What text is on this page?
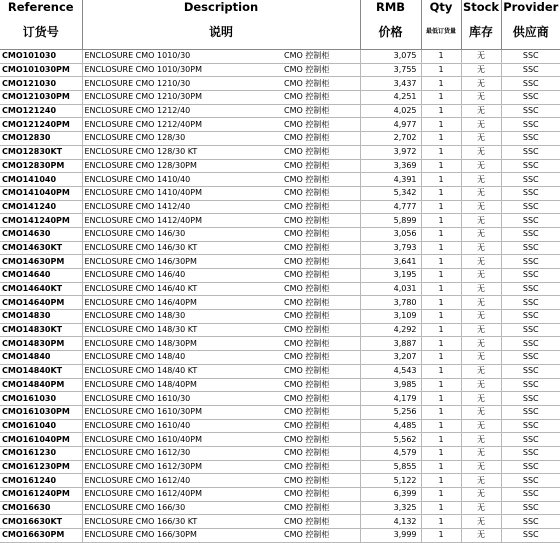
Reference	Description		RMB	Qty	Stock	Provider
订货号	说明		价格	最低订货量	库存	供应商
CMO101030	ENCLOSURE CMO 1010/30	CMO 控制柜	3,075	1	无	SSC
CMO101030PM	ENCLOSURE CMO 1010/30PM	CMO 控制柜	3,755	1	无	SSC
CMO121030	ENCLOSURE CMO 1210/30	CMO 控制柜	3,437	1	无	SSC
CMO121030PM	ENCLOSURE CMO 1210/30PM	CMO 控制柜	4,251	1	无	SSC
CMO121240	ENCLOSURE CMO 1212/40	CMO 控制柜	4,025	1	无	SSC
CMO121240PM	ENCLOSURE CMO 1212/40PM	CMO 控制柜	4,977	1	无	SSC
CMO12830	ENCLOSURE CMO 128/30	CMO 控制柜	2,702	1	无	SSC
CMO12830KT	ENCLOSURE CMO 128/30 KT	CMO 控制柜	3,972	1	无	SSC
CMO12830PM	ENCLOSURE CMO 128/30PM	CMO 控制柜	3,369	1	无	SSC
CMO141040	ENCLOSURE CMO 1410/40	CMO 控制柜	4,391	1	无	SSC
CMO141040PM	ENCLOSURE CMO 1410/40PM	CMO 控制柜	5,342	1	无	SSC
CMO141240	ENCLOSURE CMO 1412/40	CMO 控制柜	4,777	1	无	SSC
CMO141240PM	ENCLOSURE CMO 1412/40PM	CMO 控制柜	5,899	1	无	SSC
CMO14630	ENCLOSURE CMO 146/30	CMO 控制柜	3,056	1	无	SSC
CMO14630KT	ENCLOSURE CMO 146/30 KT	CMO 控制柜	3,793	1	无	SSC
CMO14630PM	ENCLOSURE CMO 146/30PM	CMO 控制柜	3,641	1	无	SSC
CMO14640	ENCLOSURE CMO 146/40	CMO 控制柜	3,195	1	无	SSC
CMO14640KT	ENCLOSURE CMO 146/40 KT	CMO 控制柜	4,031	1	无	SSC
CMO14640PM	ENCLOSURE CMO 146/40PM	CMO 控制柜	3,780	1	无	SSC
CMO14830	ENCLOSURE CMO 148/30	CMO 控制柜	3,109	1	无	SSC
CMO14830KT	ENCLOSURE CMO 148/30 KT	CMO 控制柜	4,292	1	无	SSC
CMO14830PM	ENCLOSURE CMO 148/30PM	CMO 控制柜	3,887	1	无	SSC
CMO14840	ENCLOSURE CMO 148/40	CMO 控制柜	3,207	1	无	SSC
CMO14840KT	ENCLOSURE CMO 148/40 KT	CMO 控制柜	4,543	1	无	SSC
CMO14840PM	ENCLOSURE CMO 148/40PM	CMO 控制柜	3,985	1	无	SSC
CMO161030	ENCLOSURE CMO 1610/30	CMO 控制柜	4,179	1	无	SSC
CMO161030PM	ENCLOSURE CMO 1610/30PM	CMO 控制柜	5,256	1	无	SSC
CMO161040	ENCLOSURE CMO 1610/40	CMO 控制柜	4,485	1	无	SSC
CMO161040PM	ENCLOSURE CMO 1610/40PM	CMO 控制柜	5,562	1	无	SSC
CMO161230	ENCLOSURE CMO 1612/30	CMO 控制柜	4,579	1	无	SSC
CMO161230PM	ENCLOSURE CMO 1612/30PM	CMO 控制柜	5,855	1	无	SSC
CMO161240	ENCLOSURE CMO 1612/40	CMO 控制柜	5,122	1	无	SSC
CMO161240PM	ENCLOSURE CMO 1612/40PM	CMO 控制柜	6,399	1	无	SSC
CMO16630	ENCLOSURE CMO 166/30	CMO 控制柜	3,325	1	无	SSC
CMO16630KT	ENCLOSURE CMO 166/30 KT	CMO 控制柜	4,132	1	无	SSC
CMO16630PM	ENCLOSURE CMO 166/30PM	CMO 控制柜	3,999	1	无	SSC
